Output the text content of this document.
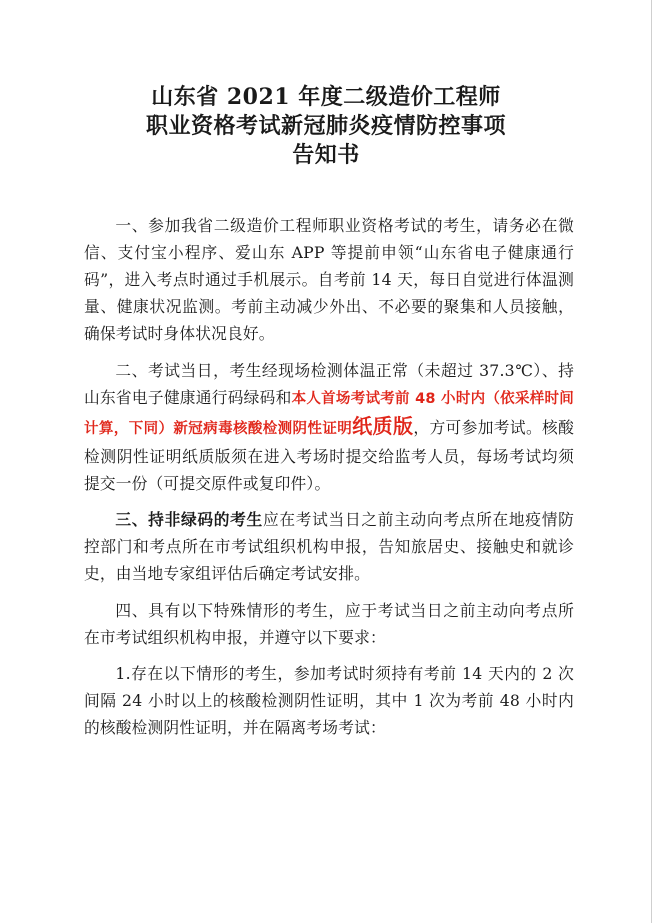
山东省 2021 年度二级造价工程师
职业资格考试新冠肺炎疫情防控事项
告知书

一、参加我省二级造价工程师职业资格考试的考生，请务必在微信、支付宝小程序、爱山东 APP 等提前申领“山东省电子健康通行码”，进入考点时通过手机展示。自考前 14 天，每日自觉进行体温测量、健康状况监测。考前主动减少外出、不必要的聚集和人员接触，确保考试时身体状况良好。

二、考试当日，考生经现场检测体温正常（未超过 37.3℃）、持山东省电子健康通行码绿码和本人首场考试考前 48 小时内（依采样时间计算，下同）新冠病毒核酸检测阴性证明纸质版，方可参加考试。核酸检测阴性证明纸质版须在进入考场时提交给监考人员，每场考试均须提交一份（可提交原件或复印件）。

三、持非绿码的考生应在考试当日之前主动向考点所在地疫情防控部门和考点所在市考试组织机构申报，告知旅居史、接触史和就诊史，由当地专家组评估后确定考试安排。

四、具有以下特殊情形的考生，应于考试当日之前主动向考点所在市考试组织机构申报，并遵守以下要求：

1.存在以下情形的考生，参加考试时须持有考前 14 天内的 2 次间隔 24 小时以上的核酸检测阴性证明，其中 1 次为考前 48 小时内的核酸检测阴性证明，并在隔离考场考试：
